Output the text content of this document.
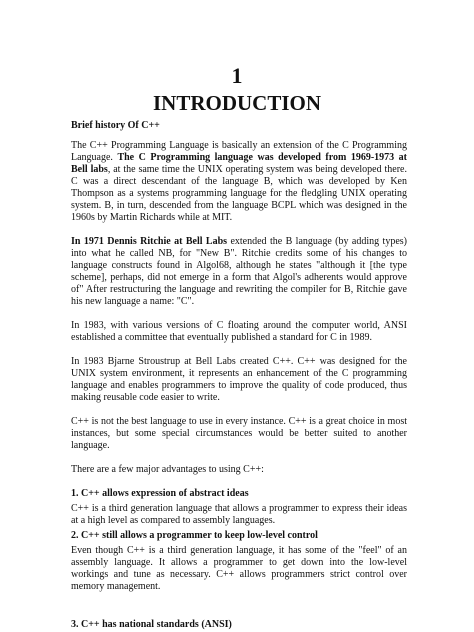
1
INTRODUCTION

Brief history Of C++

The C++ Programming Language is basically an extension of the C Programming Language. The C Programming language was developed from 1969-1973 at Bell labs, at the same time the UNIX operating system was being developed there. C was a direct descendant of the language B, which was developed by Ken Thompson as a systems programming language for the fledgling UNIX operating system. B, in turn, descended from the language BCPL which was designed in the 1960s by Martin Richards while at MIT.

In 1971 Dennis Ritchie at Bell Labs extended the B language (by adding types) into what he called NB, for "New B". Ritchie credits some of his changes to language constructs found in Algol68, although he states "although it [the type scheme], perhaps, did not emerge in a form that Algol's adherents would approve of" After restructuring the language and rewriting the compiler for B, Ritchie gave his new language a name: "C".

In 1983, with various versions of C floating around the computer world, ANSI established a committee that eventually published a standard for C in 1989.

In 1983 Bjarne Stroustrup at Bell Labs created C++. C++ was designed for the UNIX system environment, it represents an enhancement of the C programming language and enables programmers to improve the quality of code produced, thus making reusable code easier to write.

C++ is not the best language to use in every instance. C++ is a great choice in most instances, but some special circumstances would be better suited to another language.

There are a few major advantages to using C++:

1. C++ allows expression of abstract ideas

C++ is a third generation language that allows a programmer to express their ideas at a high level as compared to assembly languages.

2. C++ still allows a programmer to keep low-level control

Even though C++ is a third generation language, it has some of the "feel" of an assembly language. It allows a programmer to get down into the low-level workings and tune as necessary. C++ allows programmers strict control over memory management.

3. C++ has national standards (ANSI)
